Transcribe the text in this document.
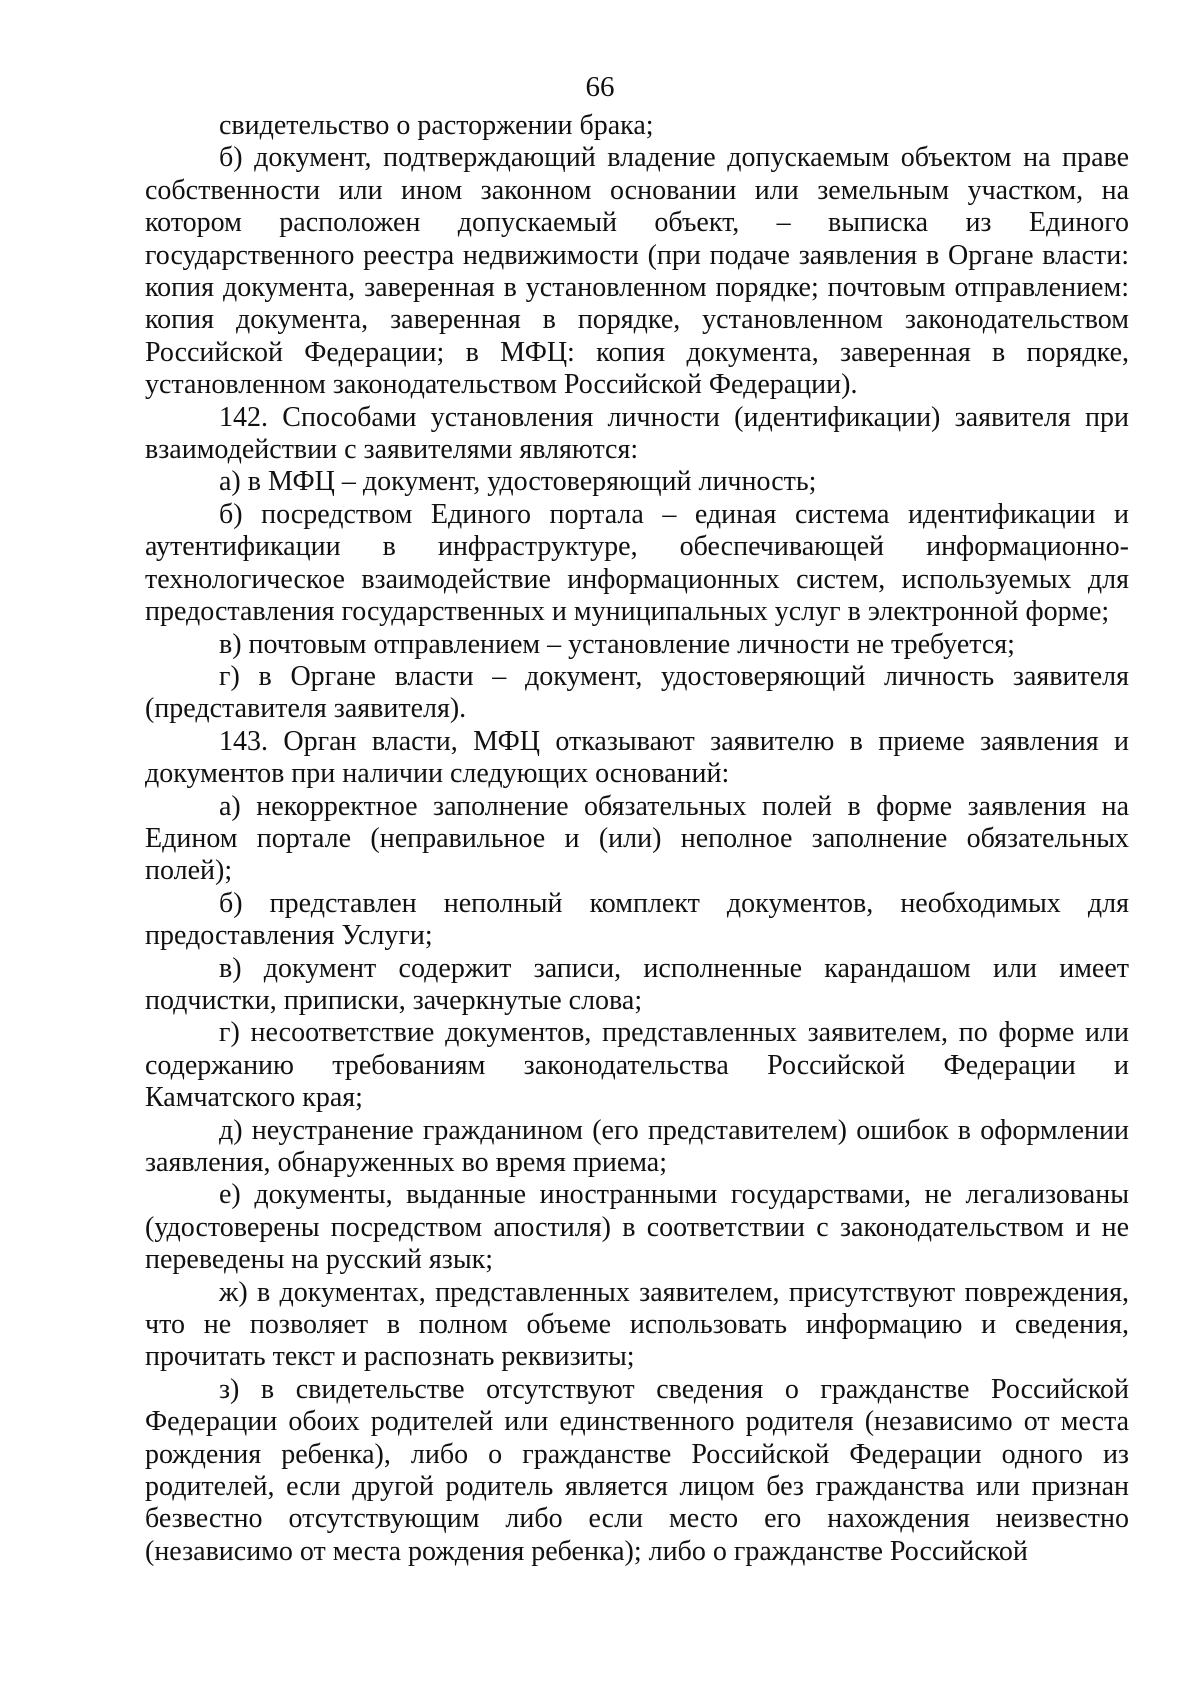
66

свидетельство о расторжении брака;

б) документ, подтверждающий владение допускаемым объектом на праве собственности или ином законном основании или земельным участком, на котором расположен допускаемый объект, – выписка из Единого государственного реестра недвижимости (при подаче заявления в Органе власти: копия документа, заверенная в установленном порядке; почтовым отправлением: копия документа, заверенная в порядке, установленном законодательством Российской Федерации; в МФЦ: копия документа, заверенная в порядке, установленном законодательством Российской Федерации).

142. Способами установления личности (идентификации) заявителя при взаимодействии с заявителями являются:

а) в МФЦ – документ, удостоверяющий личность;

б) посредством Единого портала – единая система идентификации и аутентификации в инфраструктуре, обеспечивающей информационно-технологическое взаимодействие информационных систем, используемых для предоставления государственных и муниципальных услуг в электронной форме;

в) почтовым отправлением – установление личности не требуется;

г) в Органе власти – документ, удостоверяющий личность заявителя (представителя заявителя).

143. Орган власти, МФЦ отказывают заявителю в приеме заявления и документов при наличии следующих оснований:

а) некорректное заполнение обязательных полей в форме заявления на Едином портале (неправильное и (или) неполное заполнение обязательных полей);

б) представлен неполный комплект документов, необходимых для предоставления Услуги;

в) документ содержит записи, исполненные карандашом или имеет подчистки, приписки, зачеркнутые слова;

г) несоответствие документов, представленных заявителем, по форме или содержанию требованиям законодательства Российской Федерации и Камчатского края;

д) неустранение гражданином (его представителем) ошибок в оформлении заявления, обнаруженных во время приема;

е) документы, выданные иностранными государствами, не легализованы (удостоверены посредством апостиля) в соответствии с законодательством и не переведены на русский язык;

ж) в документах, представленных заявителем, присутствуют повреждения, что не позволяет в полном объеме использовать информацию и сведения, прочитать текст и распознать реквизиты;

з) в свидетельстве отсутствуют сведения о гражданстве Российской Федерации обоих родителей или единственного родителя (независимо от места рождения ребенка), либо о гражданстве Российской Федерации одного из родителей, если другой родитель является лицом без гражданства или признан безвестно отсутствующим либо если место его нахождения неизвестно (независимо от места рождения ребенка); либо о гражданстве Российской
